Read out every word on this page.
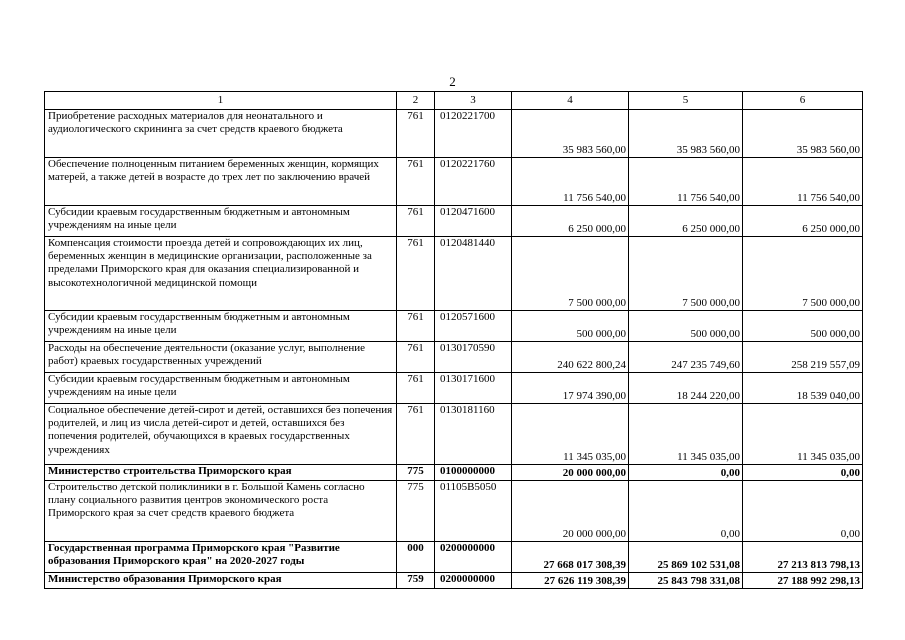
2
1	2	3	4	5	6
Приобретение расходных материалов для неонатального и аудиологического скрининга за счет средств краевого бюджета	761	0120221700	35 983 560,00	35 983 560,00	35 983 560,00
Обеспечение полноценным питанием беременных женщин, кормящих матерей, а также детей в возрасте до трех лет по заключению врачей	761	0120221760	11 756 540,00	11 756 540,00	11 756 540,00
Субсидии краевым государственным бюджетным и автономным учреждениям на иные цели	761	0120471600	6 250 000,00	6 250 000,00	6 250 000,00
Компенсация стоимости проезда детей и сопровождающих их лиц, беременных женщин в медицинские организации, расположенные за пределами Приморского края для оказания специализированной и высокотехнологичной медицинской помощи	761	0120481440	7 500 000,00	7 500 000,00	7 500 000,00
Субсидии краевым государственным бюджетным и автономным учреждениям на иные цели	761	0120571600	500 000,00	500 000,00	500 000,00
Расходы на обеспечение деятельности (оказание услуг, выполнение работ) краевых государственных учреждений	761	0130170590	240 622 800,24	247 235 749,60	258 219 557,09
Субсидии краевым государственным бюджетным и автономным учреждениям на иные цели	761	0130171600	17 974 390,00	18 244 220,00	18 539 040,00
Социальное обеспечение детей-сирот и детей, оставшихся без попечения родителей, и лиц из числа детей-сирот и детей, оставшихся без попечения родителей, обучающихся в краевых государственных учреждениях	761	0130181160	11 345 035,00	11 345 035,00	11 345 035,00
Министерство строительства Приморского края	775	0100000000	20 000 000,00	0,00	0,00
Строительство детской поликлиники в г. Большой Камень согласно плану социального развития центров экономического роста Приморского края за счет средств краевого бюджета	775	01105В5050	20 000 000,00	0,00	0,00
Государственная программа Приморского края "Развитие образования Приморского края" на 2020-2027 годы	000	0200000000	27 668 017 308,39	25 869 102 531,08	27 213 813 798,13
Министерство образования Приморского края	759	0200000000	27 626 119 308,39	25 843 798 331,08	27 188 992 298,13
